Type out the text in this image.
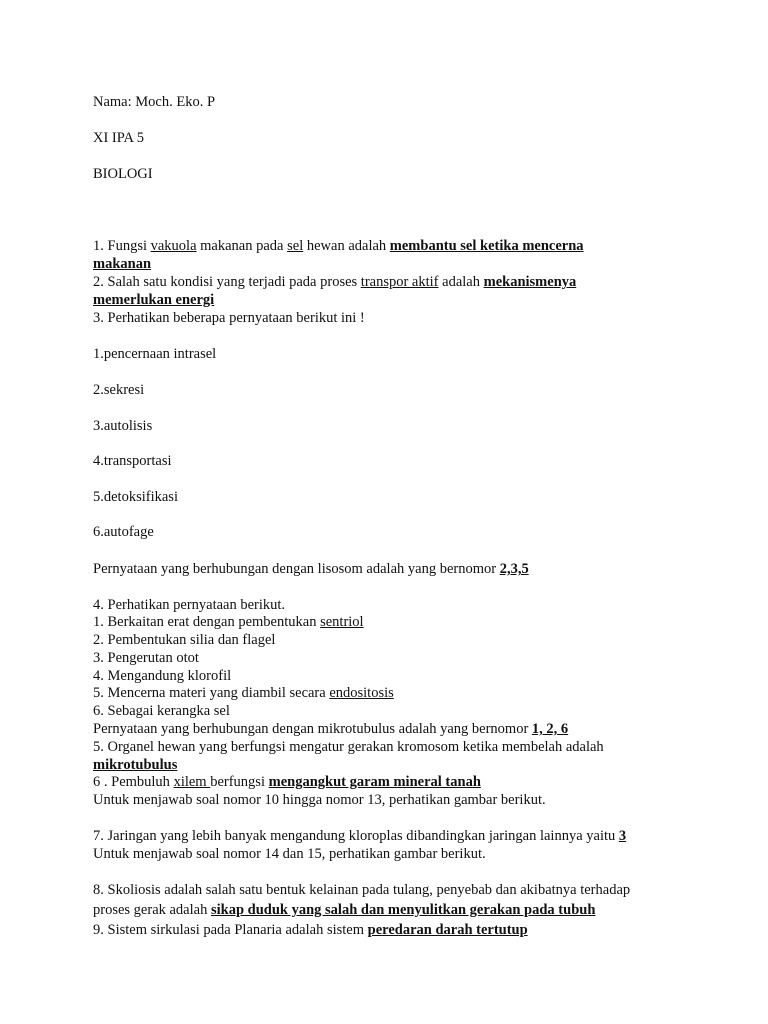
Nama: Moch. Eko. P
XI IPA 5
BIOLOGI
1. Fungsi vakuola makanan pada sel hewan adalah membantu sel ketika mencerna
makanan
2. Salah satu kondisi yang terjadi pada proses transpor aktif adalah mekanismenya
memerlukan energi
3. Perhatikan beberapa pernyataan berikut ini !
1.pencernaan intrasel
2.sekresi
3.autolisis
4.transportasi
5.detoksifikasi
6.autofage
Pernyataan yang berhubungan dengan lisosom adalah yang bernomor 2,3,5
4. Perhatikan pernyataan berikut.
1. Berkaitan erat dengan pembentukan sentriol
2. Pembentukan silia dan flagel
3. Pengerutan otot
4. Mengandung klorofil
5. Mencerna materi yang diambil secara endositosis
6. Sebagai kerangka sel
Pernyataan yang berhubungan dengan mikrotubulus adalah yang bernomor 1, 2, 6
5. Organel hewan yang berfungsi mengatur gerakan kromosom ketika membelah adalah
mikrotubulus
6 . Pembuluh xilem berfungsi mengangkut garam mineral tanah
Untuk menjawab soal nomor 10 hingga nomor 13, perhatikan gambar berikut.
7. Jaringan yang lebih banyak mengandung kloroplas dibandingkan jaringan lainnya yaitu 3
Untuk menjawab soal nomor 14 dan 15, perhatikan gambar berikut.
8. Skoliosis adalah salah satu bentuk kelainan pada tulang, penyebab dan akibatnya terhadap
proses gerak adalah sikap duduk yang salah dan menyulitkan gerakan pada tubuh
9. Sistem sirkulasi pada Planaria adalah sistem peredaran darah tertutup
